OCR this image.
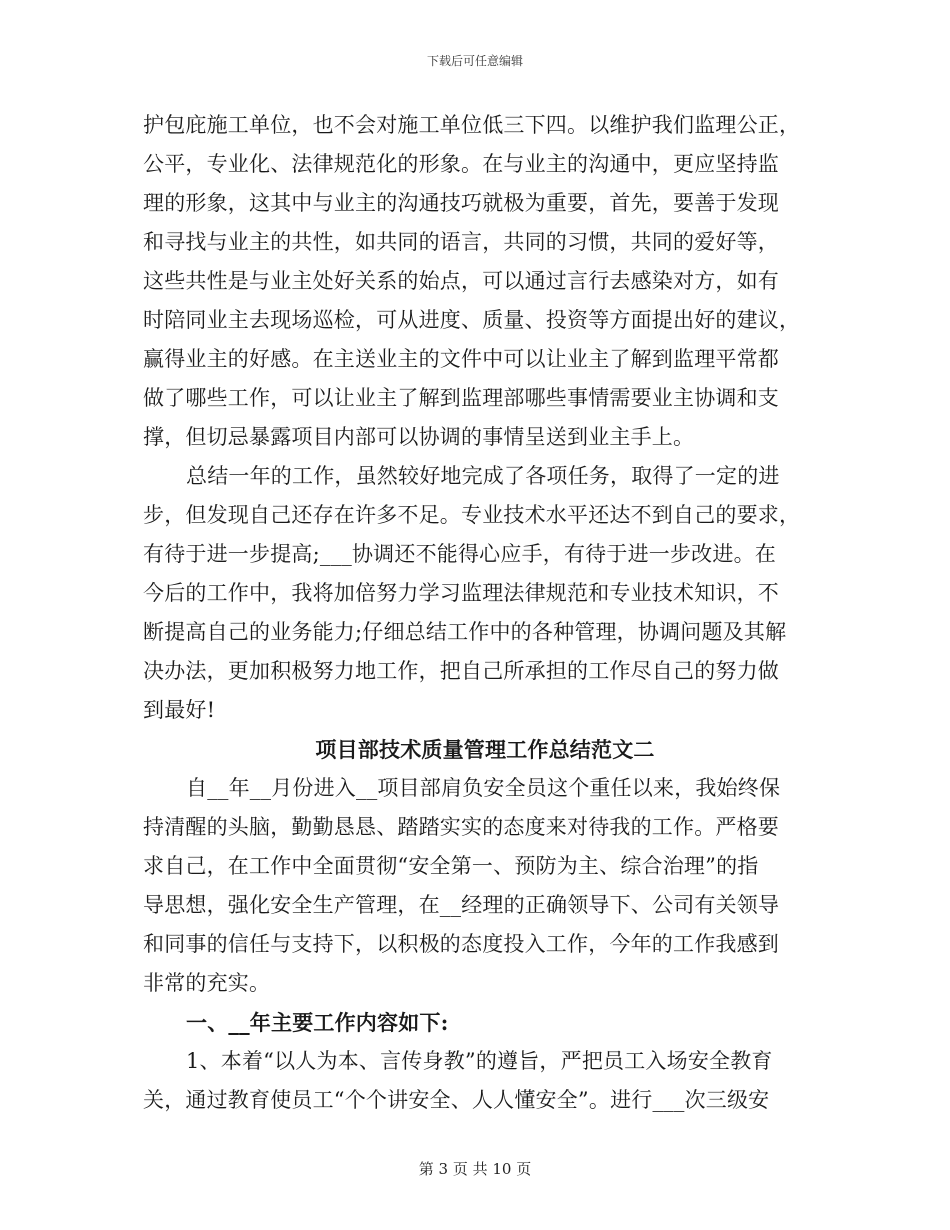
下载后可任意编辑
护包庇施工单位，也不会对施工单位低三下四。以维护我们监理公正，
公平，专业化、法律规范化的形象。在与业主的沟通中，更应坚持监
理的形象，这其中与业主的沟通技巧就极为重要，首先，要善于发现
和寻找与业主的共性，如共同的语言，共同的习惯，共同的爱好等，
这些共性是与业主处好关系的始点，可以通过言行去感染对方，如有
时陪同业主去现场巡检，可从进度、质量、投资等方面提出好的建议，
赢得业主的好感。在主送业主的文件中可以让业主了解到监理平常都
做了哪些工作，可以让业主了解到监理部哪些事情需要业主协调和支
撑，但切忌暴露项目内部可以协调的事情呈送到业主手上。
总结一年的工作，虽然较好地完成了各项任务，取得了一定的进
步，但发现自己还存在许多不足。专业技术水平还达不到自己的要求，
有待于进一步提高;___协调还不能得心应手，有待于进一步改进。在
今后的工作中，我将加倍努力学习监理法律规范和专业技术知识，不
断提高自己的业务能力;仔细总结工作中的各种管理，协调问题及其解
决办法，更加积极努力地工作，把自己所承担的工作尽自己的努力做
到最好!
项目部技术质量管理工作总结范文二
自__年__月份进入__项目部肩负安全员这个重任以来，我始终保
持清醒的头脑，勤勤恳恳、踏踏实实的态度来对待我的工作。严格要
求自己，在工作中全面贯彻“安全第一、预防为主、综合治理”的指
导思想，强化安全生产管理，在__经理的正确领导下、公司有关领导
和同事的信任与支持下，以积极的态度投入工作，今年的工作我感到
非常的充实。
一、__年主要工作内容如下:
1、本着“以人为本、言传身教”的遵旨，严把员工入场安全教育
关，通过教育使员工“个个讲安全、人人懂安全”。进行___次三级安
第 3 页 共 10 页
